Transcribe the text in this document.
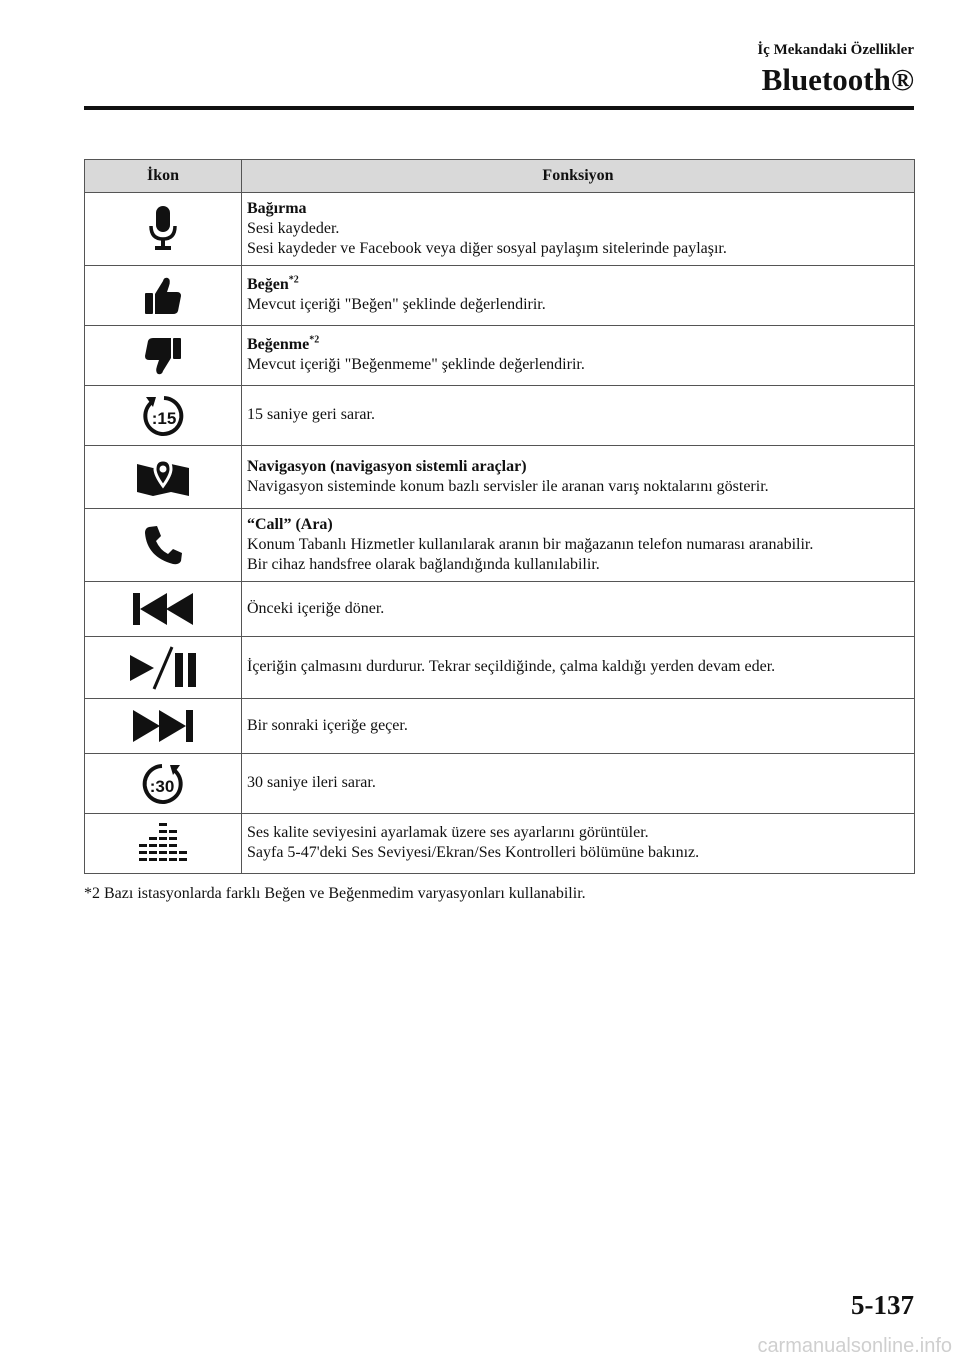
İç Mekandaki Özellikler

Bluetooth®

İkon	Fonksiyon

Bağırma
Sesi kaydeder.
Sesi kaydeder ve Facebook veya diğer sosyal paylaşım sitelerinde paylaşır.

Beğen$^{*2}$
Mevcut içeriği "Beğen" şeklinde değerlendirir.

Beğenme$^{*2}$
Mevcut içeriği "Beğenmeme" şeklinde değerlendirir.

:15	15 saniye geri sarar.

Navigasyon (navigasyon sistemli araçlar)
Navigasyon sisteminde konum bazlı servisler ile aranan varış noktalarını gösterir.

“Call” (Ara)
Konum Tabanlı Hizmetler kullanılarak aranın bir mağazanın telefon numarası aranabilir.
Bir cihaz handsfree olarak bağlandığında kullanılabilir.

Önceki içeriğe döner.

İçeriğin çalmasını durdurur. Tekrar seçildiğinde, çalma kaldığı yerden devam eder.

Bir sonraki içeriğe geçer.

:30	30 saniye ileri sarar.

Ses kalite seviyesini ayarlamak üzere ses ayarlarını görüntüler.
Sayfa 5-47'deki Ses Seviyesi/Ekran/Ses Kontrolleri bölümüne bakınız.

*2 Bazı istasyonlarda farklı Beğen ve Beğenmedim varyasyonları kullanabilir.

5-137

carmanualsonline.info
